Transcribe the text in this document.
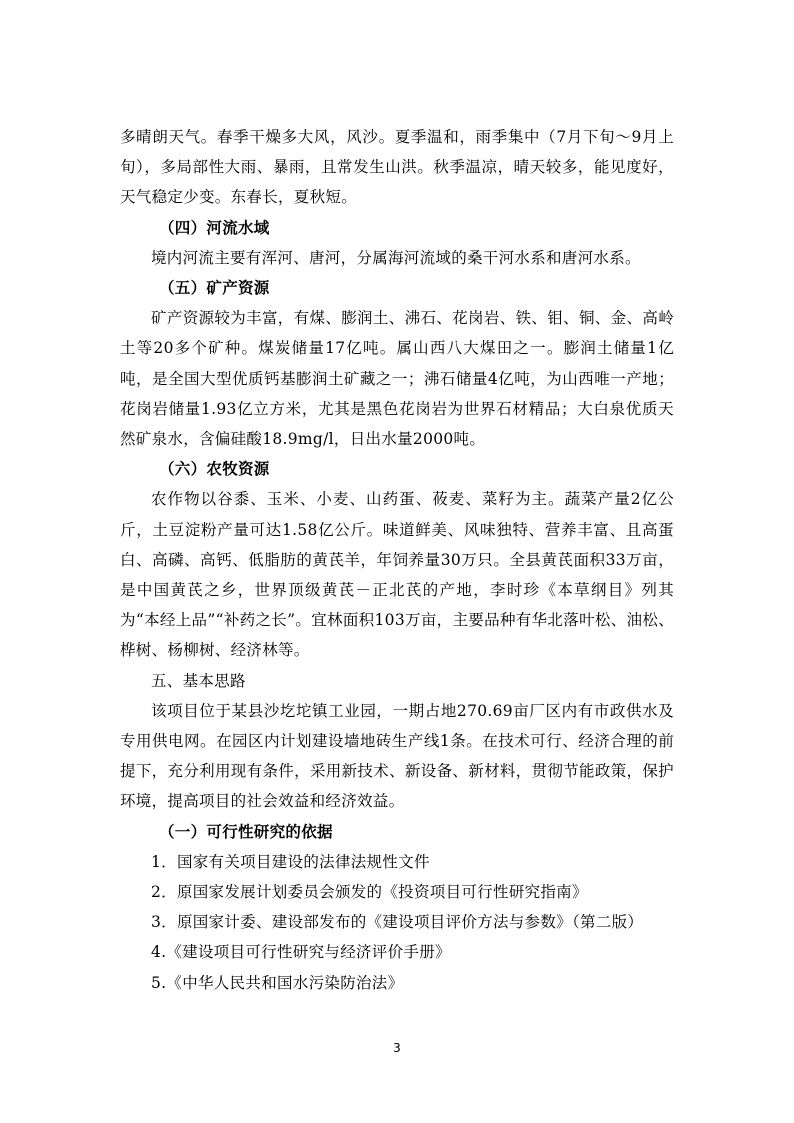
多晴朗天气。春季干燥多大风，风沙。夏季温和，雨季集中（7月下旬～9月上旬），多局部性大雨、暴雨，且常发生山洪。秋季温凉，晴天较多，能见度好，天气稳定少变。东春长，夏秋短。

（四）河流水域

境内河流主要有浑河、唐河，分属海河流域的桑干河水系和唐河水系。

（五）矿产资源

矿产资源较为丰富，有煤、膨润土、沸石、花岗岩、铁、钼、铜、金、高岭土等20多个矿种。煤炭储量17亿吨。属山西八大煤田之一。膨润土储量1亿吨，是全国大型优质钙基膨润土矿藏之一；沸石储量4亿吨，为山西唯一产地；花岗岩储量1.93亿立方米，尤其是黑色花岗岩为世界石材精品；大白泉优质天然矿泉水，含偏硅酸18.9mg/l，日出水量2000吨。

（六）农牧资源

农作物以谷黍、玉米、小麦、山药蛋、莜麦、菜籽为主。蔬菜产量2亿公斤，土豆淀粉产量可达1.58亿公斤。味道鲜美、风味独特、营养丰富、且高蛋白、高磷、高钙、低脂肪的黄芪羊，年饲养量30万只。全县黄芪面积33万亩，是中国黄芪之乡，世界顶级黄芪－正北芪的产地，李时珍《本草纲目》列其为“本经上品”“补药之长”。宜林面积103万亩，主要品种有华北落叶松、油松、桦树、杨柳树、经济林等。

五、基本思路

该项目位于某县沙圪坨镇工业园，一期占地270.69亩厂区内有市政供水及专用供电网。在园区内计划建设墙地砖生产线1条。在技术可行、经济合理的前提下，充分利用现有条件，采用新技术、新设备、新材料，贯彻节能政策，保护环境，提高项目的社会效益和经济效益。

（一）可行性研究的依据

1．国家有关项目建设的法律法规性文件

2．原国家发展计划委员会颁发的《投资项目可行性研究指南》

3．原国家计委、建设部发布的《建设项目评价方法与参数》（第二版）

4.《建设项目可行性研究与经济评价手册》

5.《中华人民共和国水污染防治法》

3
